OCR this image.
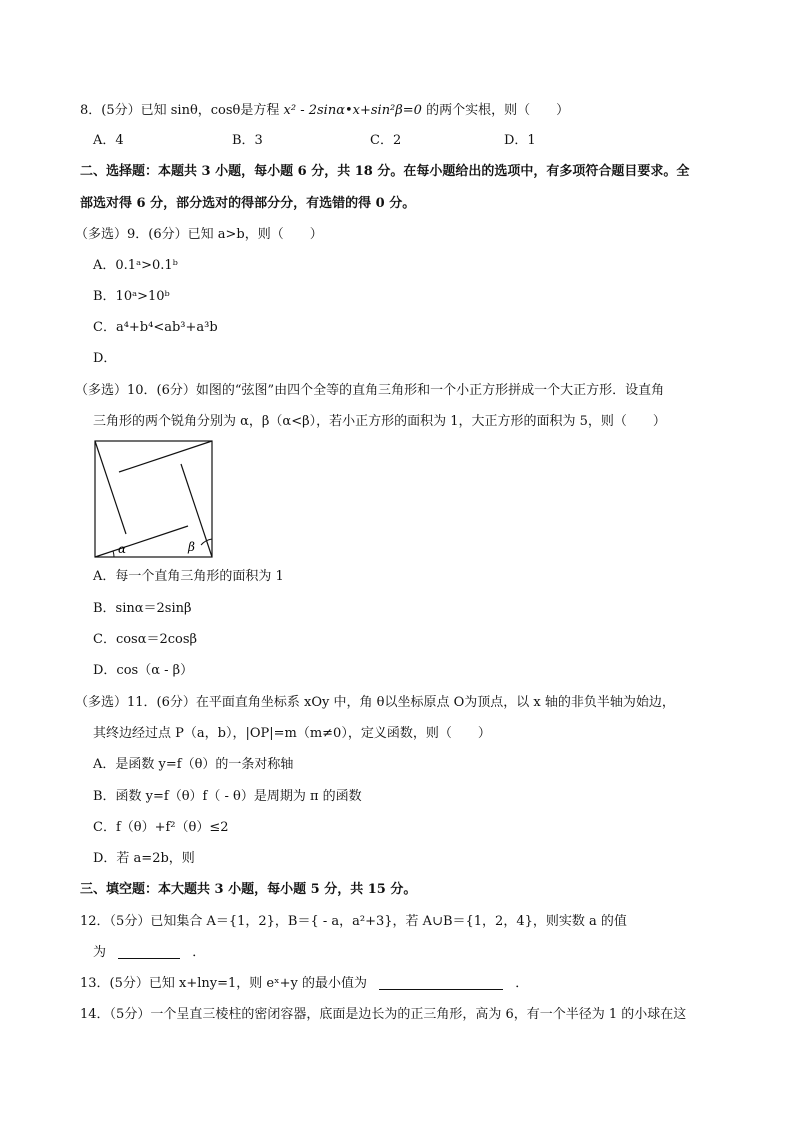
8．(5分）已知 sinθ，cosθ是方程 x² - 2sinα•x+sin²β=0 的两个实根，则（　　）
A．4	B．3	C．2	D．1
二、选择题：本题共 3 小题，每小题 6 分，共 18 分。在每小题给出的选项中，有多项符合题目要求。全
部选对得 6 分，部分选对的得部分分，有选错的得 0 分。
（多选）9．(6分）已知 a>b，则（　　）
A．0.1ᵃ>0.1ᵇ
B．10ᵃ>10ᵇ
C．a⁴+b⁴<ab³+a³b
D．
（多选）10．(6分）如图的“弦图”由四个全等的直角三角形和一个小正方形拼成一个大正方形．设直角
三角形的两个锐角分别为 α，β（α<β），若小正方形的面积为 1，大正方形的面积为 5，则（　　）
α	β
A．每一个直角三角形的面积为 1
B．sinα＝2sinβ
C．cosα＝2cosβ
D．cos（α - β）
（多选）11．(6分）在平面直角坐标系 xOy 中，角 θ以坐标原点 O为顶点，以 x 轴的非负半轴为始边，
其终边经过点 P（a，b），|OP|=m（m≠0），定义函数，则（　　）
A．是函数 y=f（θ）的一条对称轴
B．函数 y=f（θ）f（ - θ）是周期为 π 的函数
C．f（θ）+f²（θ）≤2
D．若 a=2b，则
三、填空题：本大题共 3 小题，每小题 5 分，共 15 分。
12．（5分）已知集合 A＝{1，2}，B＝{ - a，a²+3}，若 A∪B＝{1，2，4}，则实数 a 的值
为	．
13．(5分）已知 x+lny=1，则 eˣ+y 的最小值为	．
14．（5分）一个呈直三棱柱的密闭容器，底面是边长为的正三角形，高为 6，有一个半径为 1 的小球在这
